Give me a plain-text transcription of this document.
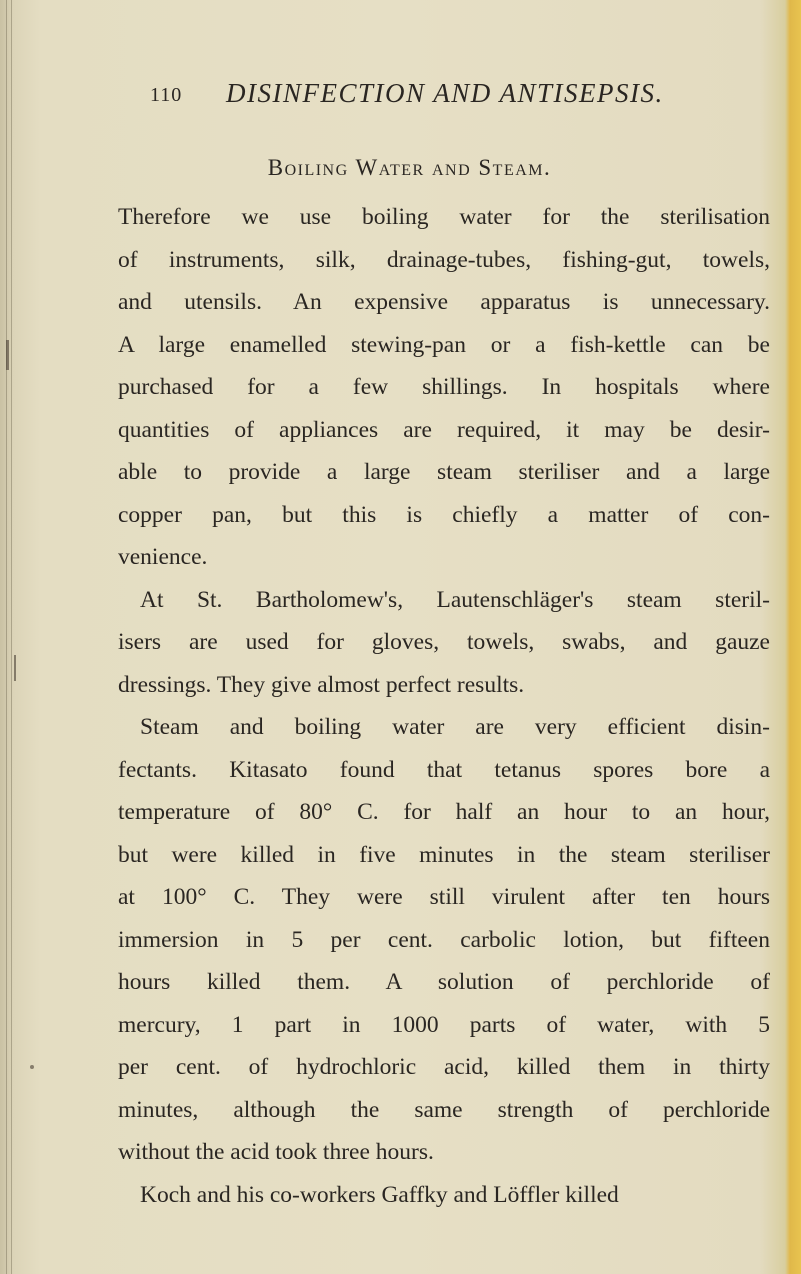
110 DISINFECTION AND ANTISEPSIS.
Boiling Water and Steam.
Therefore we use boiling water for the sterilisation
of instruments, silk, drainage-tubes, fishing-gut, towels,
and utensils. An expensive apparatus is unnecessary.
A large enamelled stewing-pan or a fish-kettle can be
purchased for a few shillings. In hospitals where
quantities of appliances are required, it may be desir-
able to provide a large steam steriliser and a large
copper pan, but this is chiefly a matter of con-
venience.
At St. Bartholomew's, Lautenschläger's steam steril-
isers are used for gloves, towels, swabs, and gauze
dressings. They give almost perfect results.
Steam and boiling water are very efficient disin-
fectants. Kitasato found that tetanus spores bore a
temperature of 80° C. for half an hour to an hour,
but were killed in five minutes in the steam steriliser
at 100° C. They were still virulent after ten hours
immersion in 5 per cent. carbolic lotion, but fifteen
hours killed them. A solution of perchloride of
mercury, 1 part in 1000 parts of water, with 5
per cent. of hydrochloric acid, killed them in thirty
minutes, although the same strength of perchloride
without the acid took three hours.
Koch and his co-workers Gaffky and Löffler killed
